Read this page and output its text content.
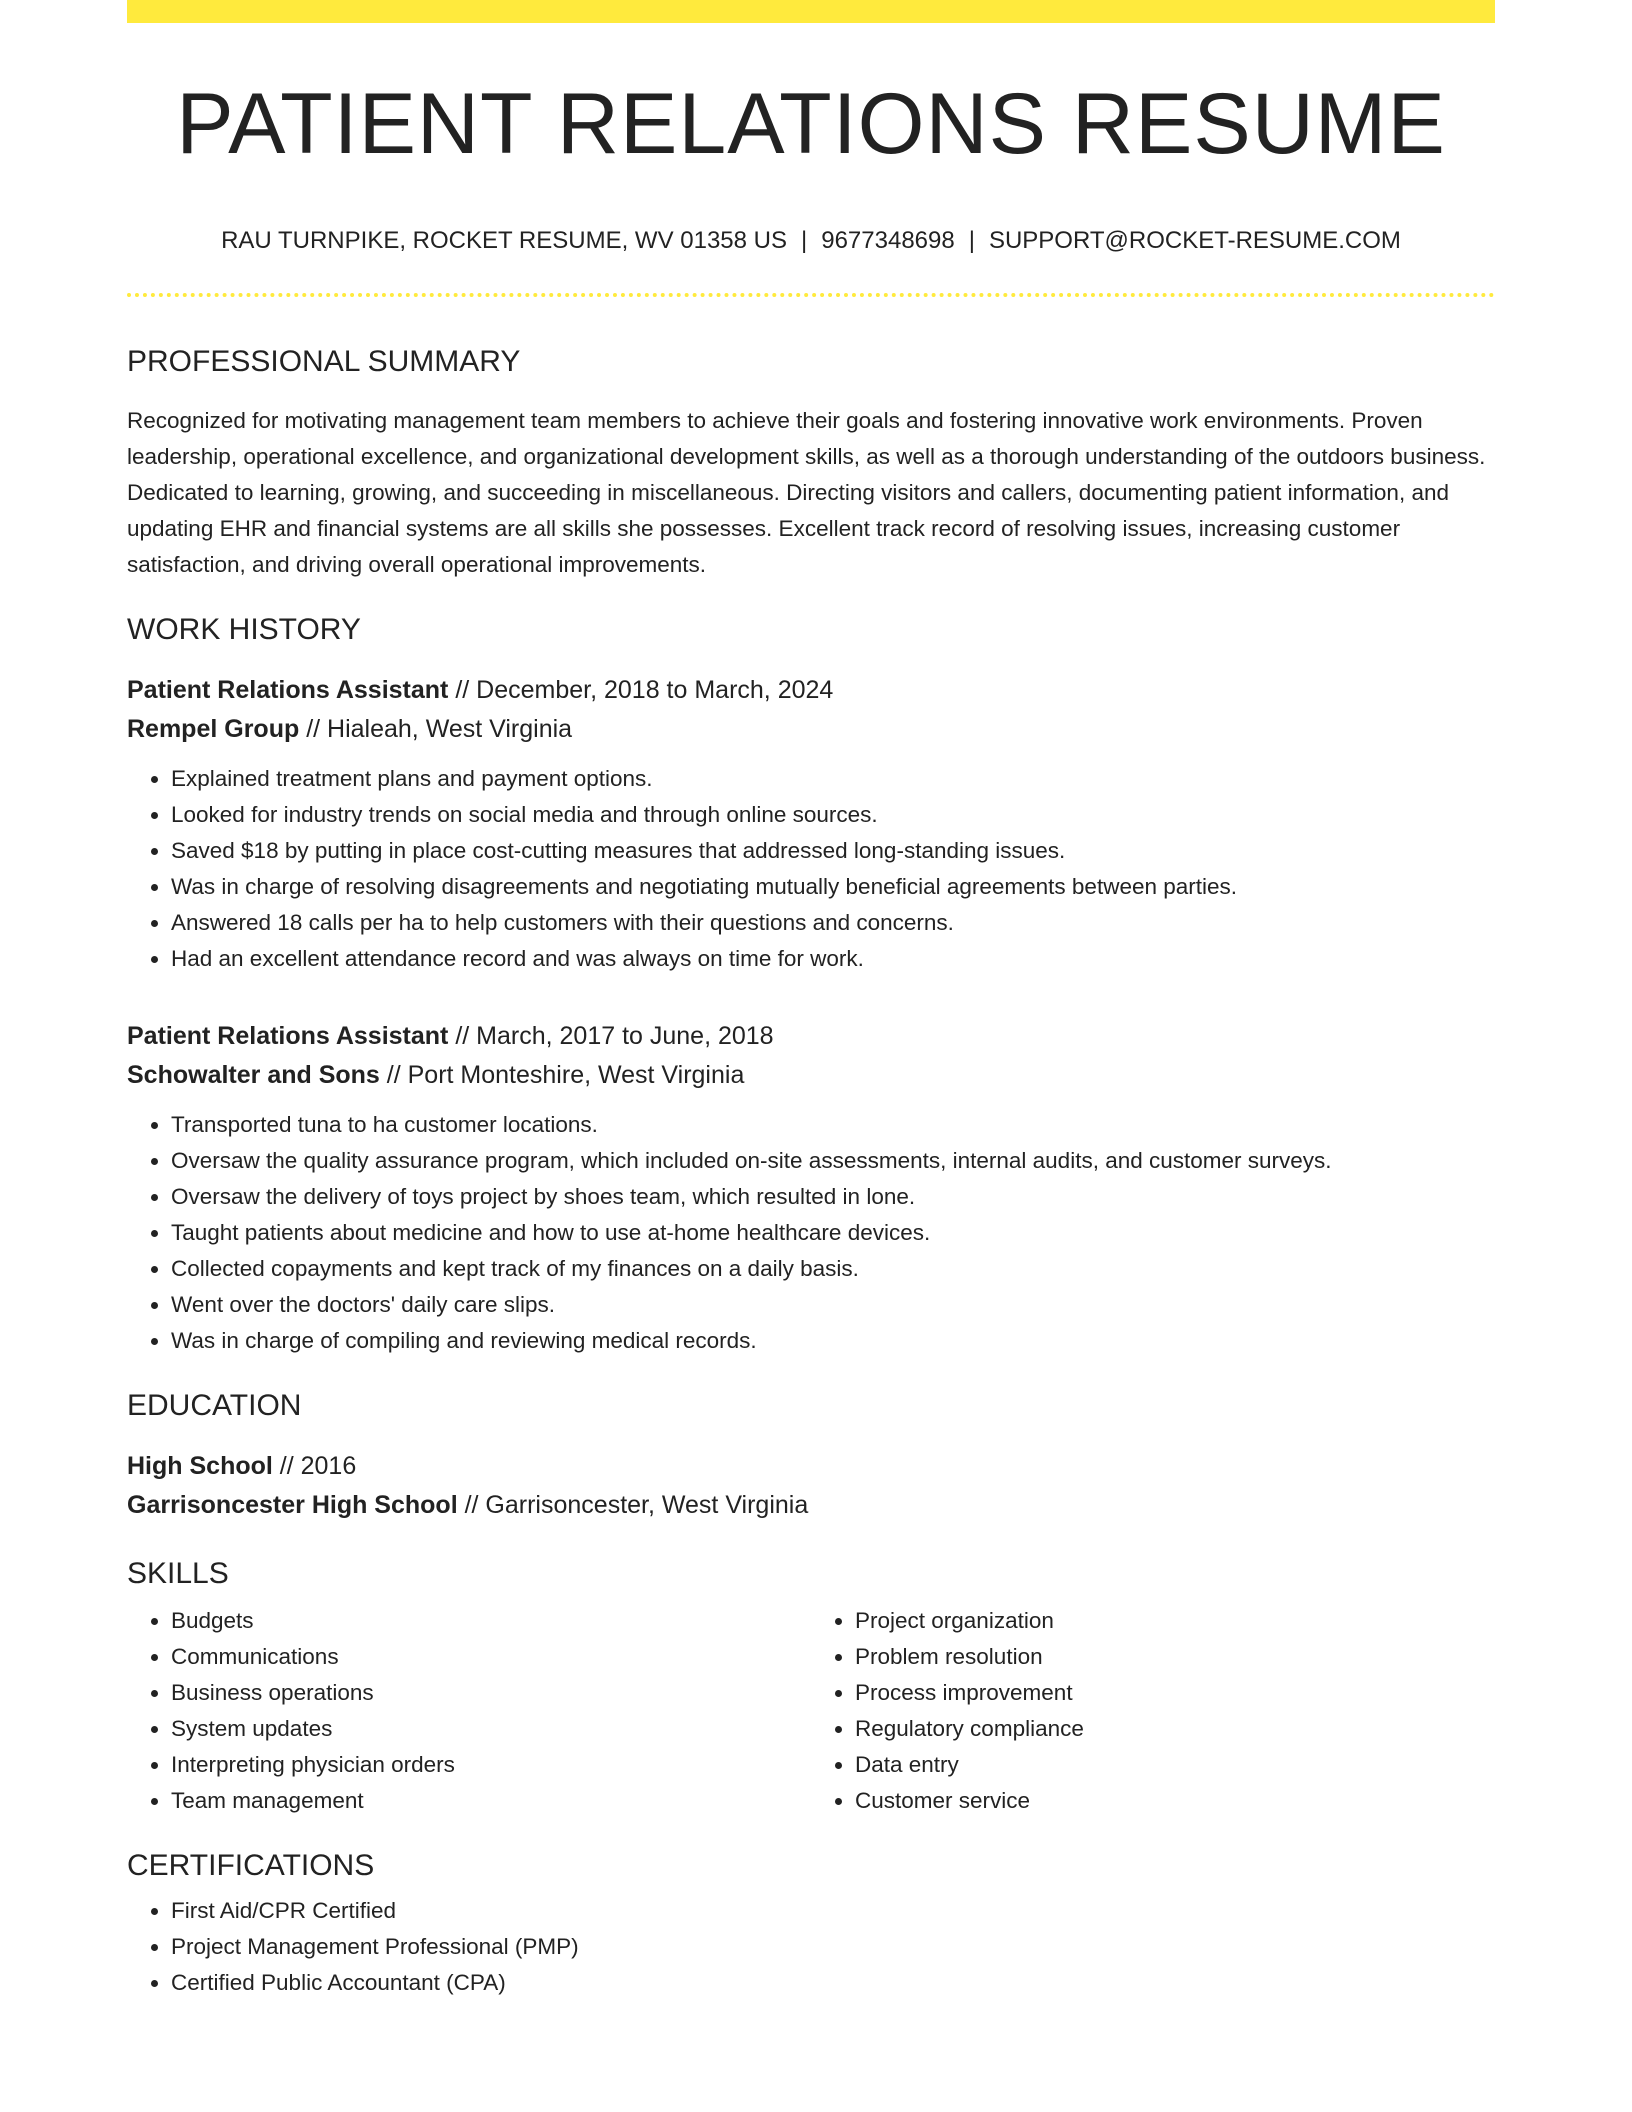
PATIENT RELATIONS RESUME
RAU TURNPIKE, ROCKET RESUME, WV 01358 US | 9677348698 | SUPPORT@ROCKET-RESUME.COM
PROFESSIONAL SUMMARY

Recognized for motivating management team members to achieve their goals and fostering innovative work environments. Proven leadership, operational excellence, and organizational development skills, as well as a thorough understanding of the outdoors business. Dedicated to learning, growing, and succeeding in miscellaneous. Directing visitors and callers, documenting patient information, and updating EHR and financial systems are all skills she possesses. Excellent track record of resolving issues, increasing customer satisfaction, and driving overall operational improvements.

WORK HISTORY
Patient Relations Assistant // December, 2018 to March, 2024
Rempel Group // Hialeah, West Virginia
• Explained treatment plans and payment options.
• Looked for industry trends on social media and through online sources.
• Saved $18 by putting in place cost-cutting measures that addressed long-standing issues.
• Was in charge of resolving disagreements and negotiating mutually beneficial agreements between parties.
• Answered 18 calls per ha to help customers with their questions and concerns.
• Had an excellent attendance record and was always on time for work.
Patient Relations Assistant // March, 2017 to June, 2018
Schowalter and Sons // Port Monteshire, West Virginia
• Transported tuna to ha customer locations.
• Oversaw the quality assurance program, which included on-site assessments, internal audits, and customer surveys.
• Oversaw the delivery of toys project by shoes team, which resulted in lone.
• Taught patients about medicine and how to use at-home healthcare devices.
• Collected copayments and kept track of my finances on a daily basis.
• Went over the doctors' daily care slips.
• Was in charge of compiling and reviewing medical records.
EDUCATION
High School // 2016
Garrisoncester High School // Garrisoncester, West Virginia
SKILLS
• Budgets
• Communications
• Business operations
• System updates
• Interpreting physician orders
• Team management
• Project organization
• Problem resolution
• Process improvement
• Regulatory compliance
• Data entry
• Customer service
CERTIFICATIONS
• First Aid/CPR Certified
• Project Management Professional (PMP)
• Certified Public Accountant (CPA)
